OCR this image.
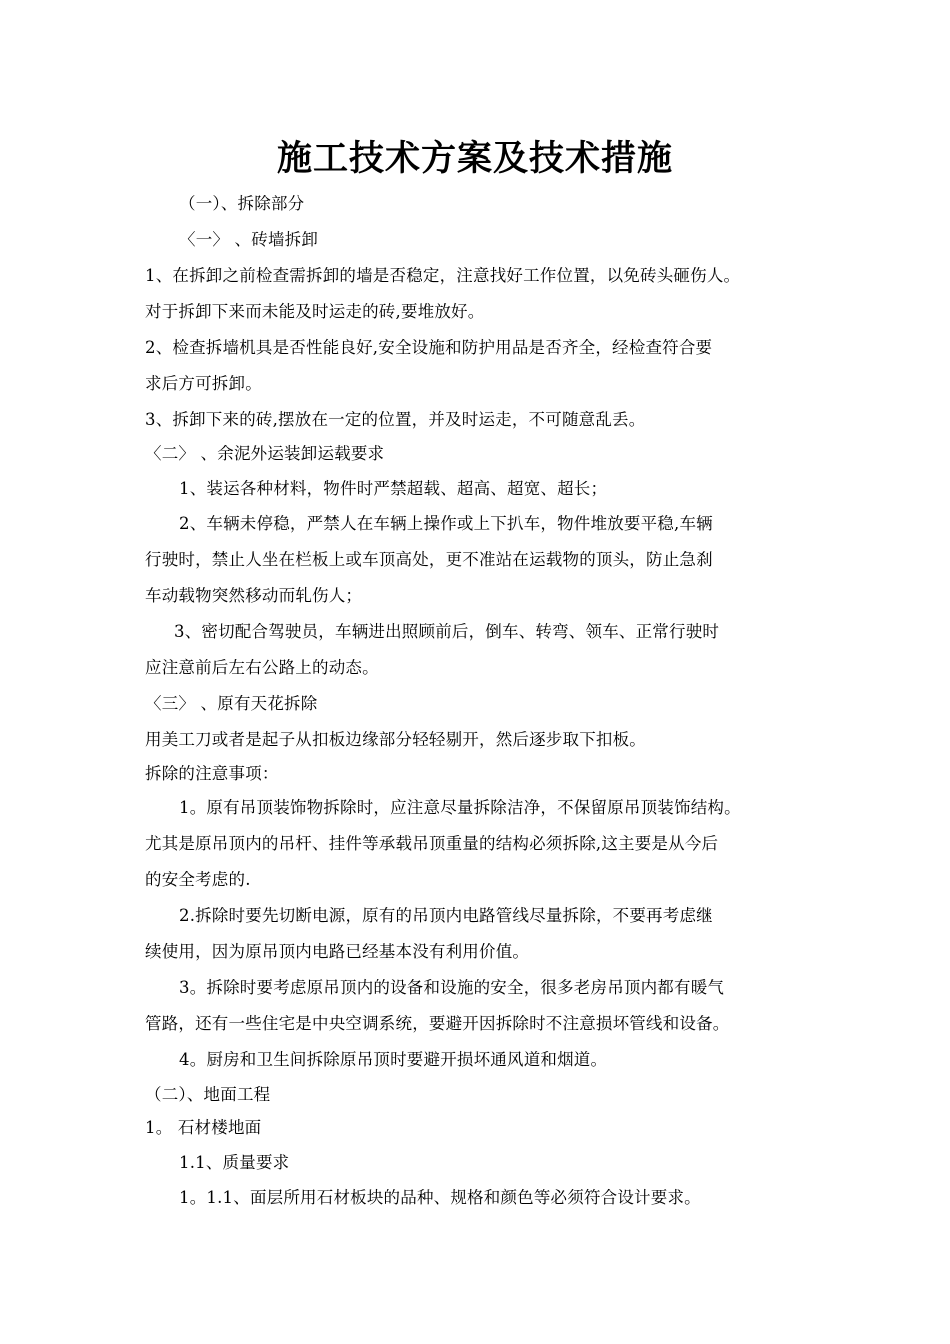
施工技术方案及技术措施
（一）、拆除部分
〈一〉 、砖墙拆卸
1、在拆卸之前检查需拆卸的墙是否稳定，注意找好工作位置，以免砖头砸伤人。
对于拆卸下来而未能及时运走的砖,要堆放好。
2、检查拆墙机具是否性能良好,安全设施和防护用品是否齐全，经检查符合要
求后方可拆卸。
3、拆卸下来的砖,摆放在一定的位置，并及时运走，不可随意乱丢。
〈二〉 、余泥外运装卸运载要求
1、装运各种材料，物件时严禁超载、超高、超宽、超长；
2、车辆未停稳，严禁人在车辆上操作或上下扒车，物件堆放要平稳,车辆
行驶时，禁止人坐在栏板上或车顶高处，更不准站在运载物的顶头，防止急刹
车动载物突然移动而轧伤人；
3、密切配合驾驶员，车辆进出照顾前后，倒车、转弯、领车、正常行驶时
应注意前后左右公路上的动态。
〈三〉 、原有天花拆除
用美工刀或者是起子从扣板边缘部分轻轻剔开，然后逐步取下扣板。
拆除的注意事项：
1。原有吊顶装饰物拆除时，应注意尽量拆除洁净，不保留原吊顶装饰结构。
尤其是原吊顶内的吊杆、挂件等承载吊顶重量的结构必须拆除,这主要是从今后
的安全考虑的.
2.拆除时要先切断电源，原有的吊顶内电路管线尽量拆除，不要再考虑继
续使用，因为原吊顶内电路已经基本没有利用价值。
3。拆除时要考虑原吊顶内的设备和设施的安全，很多老房吊顶内都有暖气
管路，还有一些住宅是中央空调系统，要避开因拆除时不注意损坏管线和设备。
4。厨房和卫生间拆除原吊顶时要避开损坏通风道和烟道。
（二）、地面工程
1。 石材楼地面
1.1、质量要求
1。1.1、面层所用石材板块的品种、规格和颜色等必须符合设计要求。
